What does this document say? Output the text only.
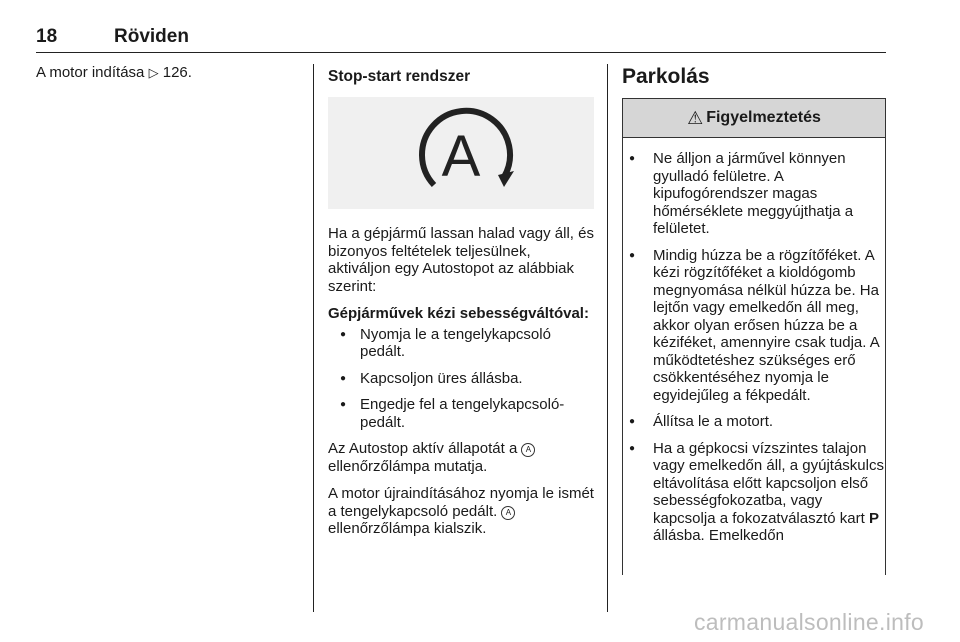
18	Röviden

A motor indítása ▷ 126.	Stop-start rendszer

A

Ha a gépjármű lassan halad vagy áll, és bizonyos feltételek teljesülnek, aktiváljon egy Autostopot az alábbiak szerint:

Gépjárművek kézi sebességváltóval:

● Nyomja le a tengelykapcsoló pedált.
● Kapcsoljon üres állásba.
● Engedje fel a tengelykapcsoló-pedált.

Az Autostop aktív állapotát a A ellenőrzőlámpa mutatja.

A motor újraindításához nyomja le ismét a tengelykapcsoló pedált. A ellenőrzőlámpa kialszik.

Parkolás

⚠ Figyelmeztetés
● Ne álljon a járművel könnyen gyulladó felületre. A kipufogórendszer magas hőmérséklete meggyújthatja a felületet.
● Mindig húzza be a rögzítőféket. A kézi rögzítőféket a kioldógomb megnyomása nélkül húzza be. Ha lejtőn vagy emelkedőn áll meg, akkor olyan erősen húzza be a kéziféket, amennyire csak tudja. A működtetéshez szükséges erő csökkentéséhez nyomja le egyidejűleg a fékpedált.
● Állítsa le a motort.
● Ha a gépkocsi vízszintes talajon vagy emelkedőn áll, a gyújtáskulcs eltávolítása előtt kapcsoljon első sebességfokozatba, vagy kapcsolja a fokozatválasztó kart P állásba. Emelkedőn
carmanualsonline.info
